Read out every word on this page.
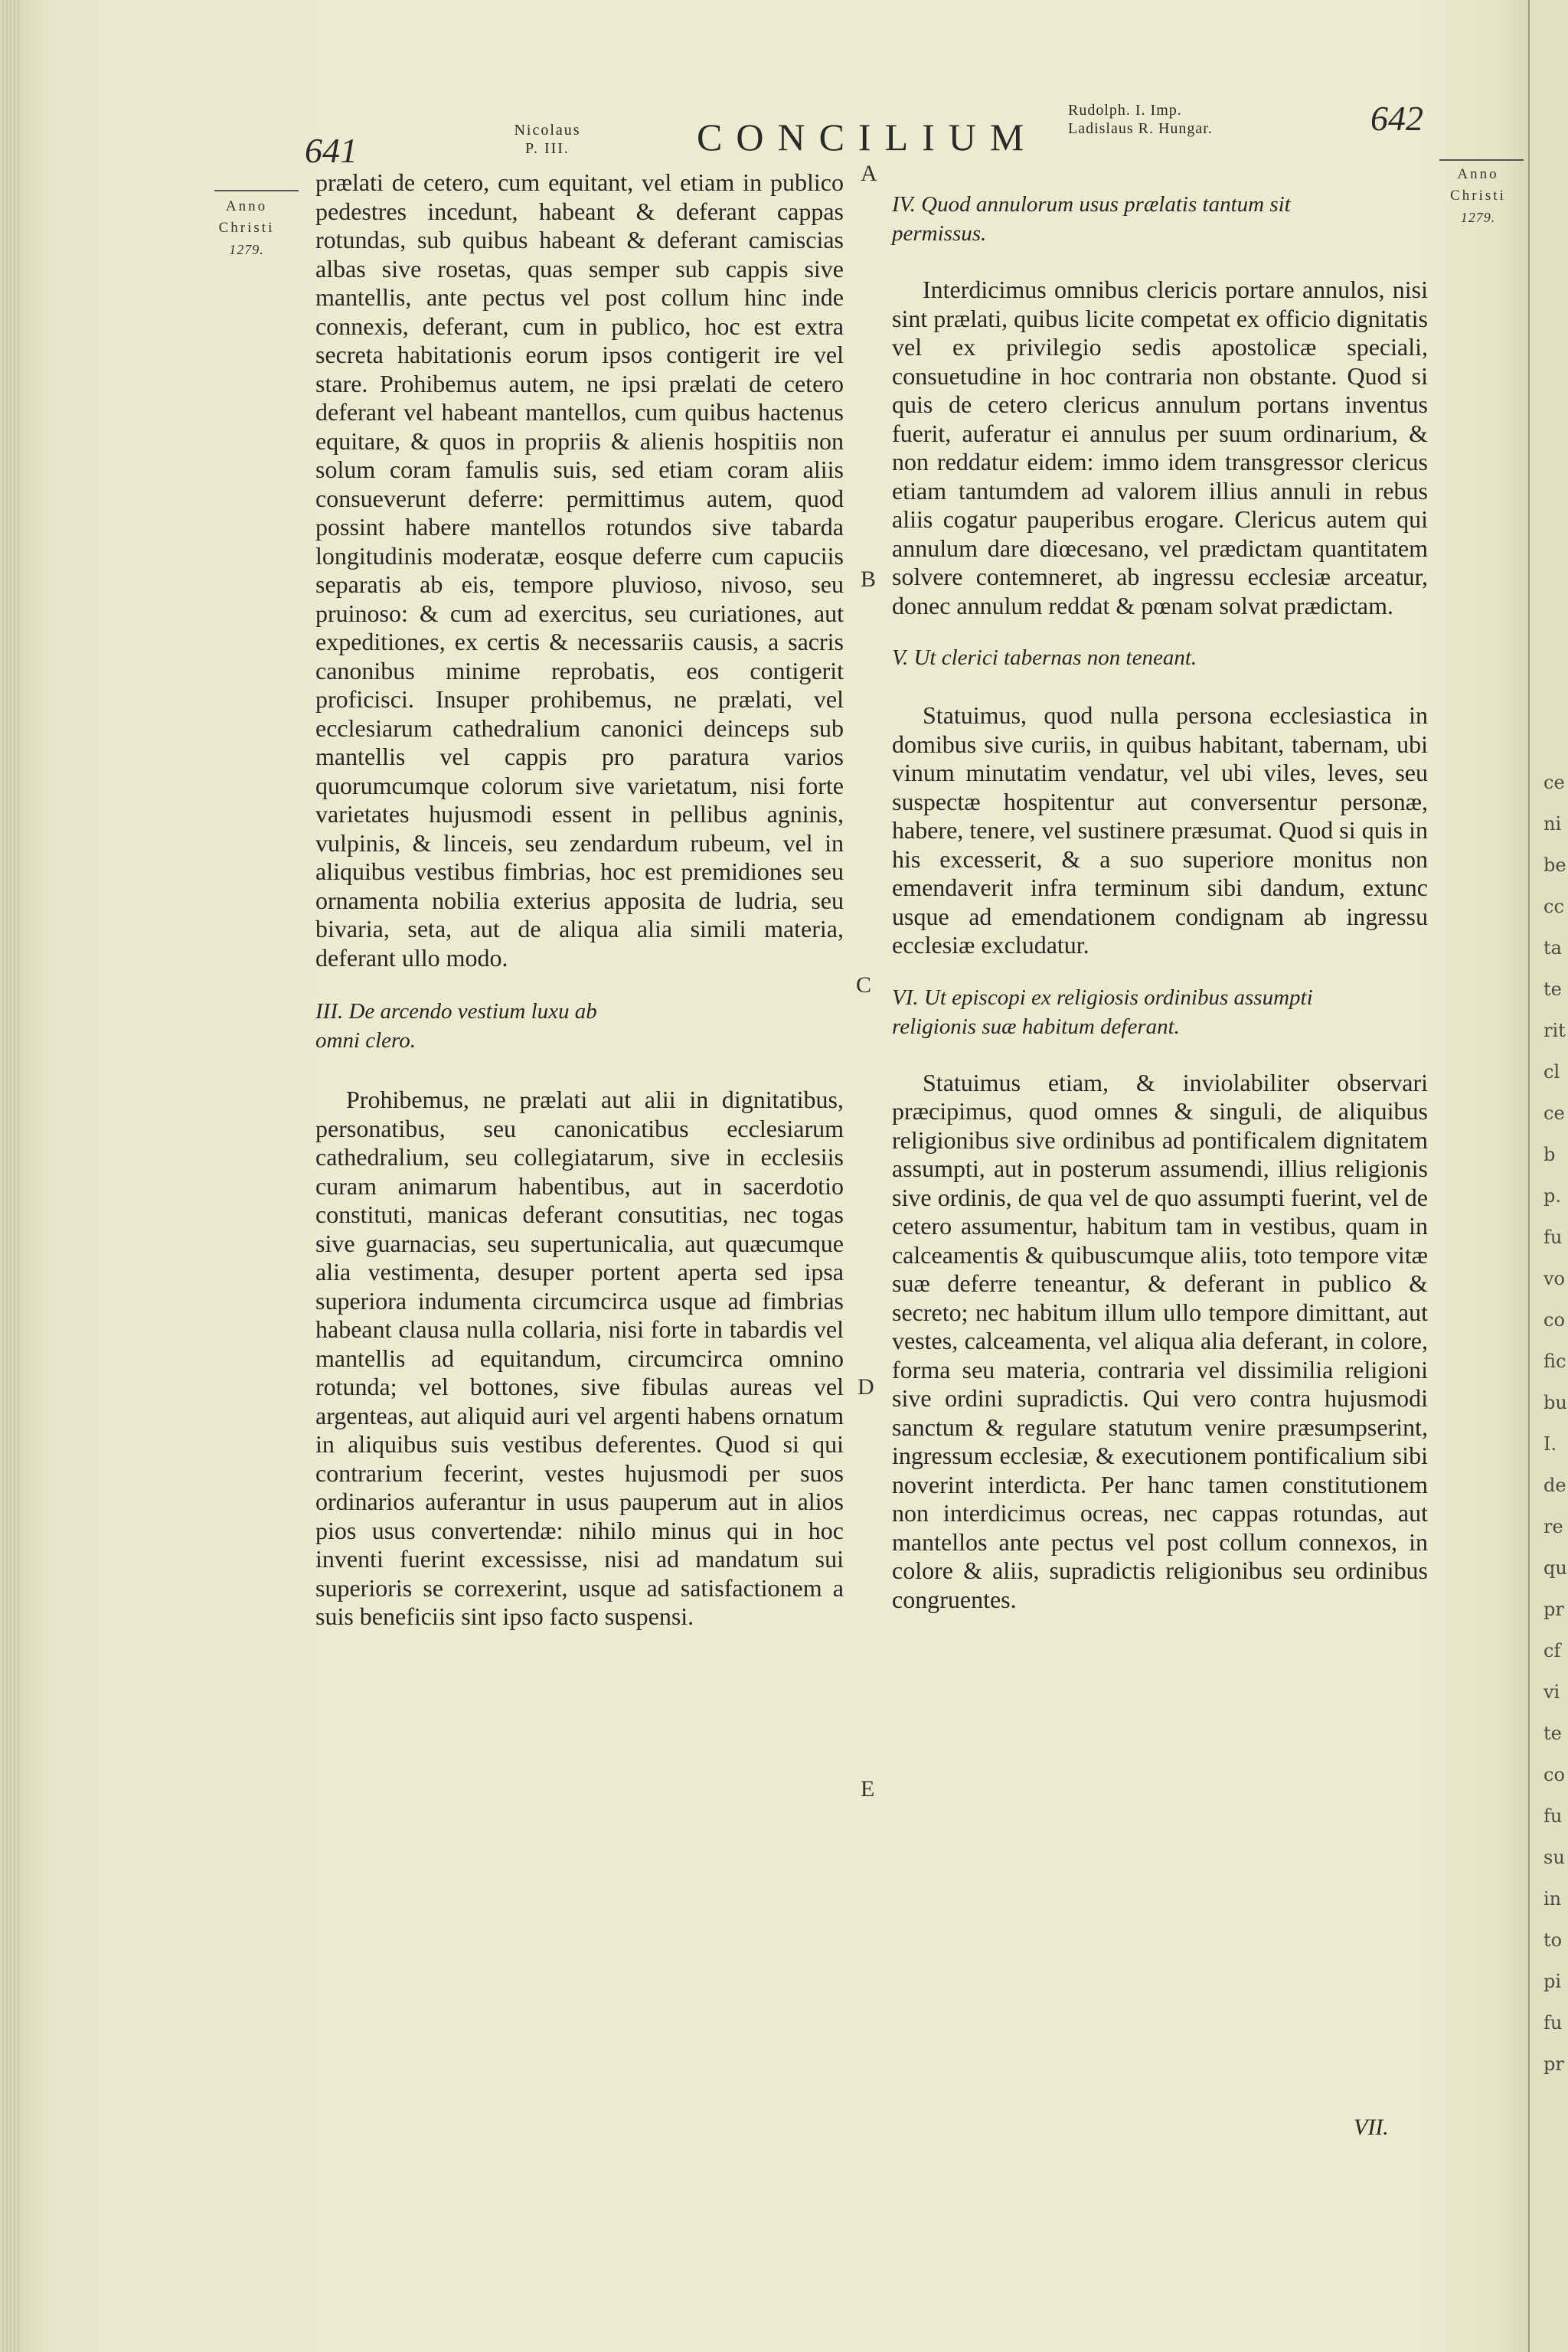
641
Nicolaus
P. III.	CONCILIUM
Rudolph. I. Imp.
Ladislaus R. Hungar.	642
Anno
Christi
1279.
Anno
Christi
1279.
A
B
C
D
E

prælati de cetero, cum equitant, vel etiam in publico pedestres incedunt, habeant & deferant cappas rotundas, sub quibus habeant & deferant camiscias albas sive rosetas, quas semper sub cappis sive mantellis, ante pectus vel post collum hinc inde connexis, deferant, cum in publico, hoc est extra secreta habitationis eorum ipsos contigerit ire vel stare. Prohibemus autem, ne ipsi prælati de cetero deferant vel habeant mantellos, cum quibus hactenus equitare, & quos in propriis & alienis hospitiis non solum coram famulis suis, sed etiam coram aliis consueverunt deferre: permittimus autem, quod possint habere mantellos rotundos sive tabarda longitudinis moderatæ, eosque deferre cum capuciis separatis ab eis, tempore pluvioso, nivoso, seu pruinoso: & cum ad exercitus, seu curiationes, aut expeditiones, ex certis & necessariis causis, a sacris canonibus minime reprobatis, eos contigerit proficisci. Insuper prohibemus, ne prælati, vel ecclesiarum cathedralium canonici deinceps sub mantellis vel cappis pro paratura varios quorumcumque colorum sive varietatum, nisi forte varietates hujusmodi essent in pellibus agninis, vulpinis, & linceis, seu zendardum rubeum, vel in aliquibus vestibus fimbrias, hoc est premidiones seu ornamenta nobilia exterius apposita de ludria, seu bivaria, seta, aut de aliqua alia simili materia, deferant ullo modo.

III. De arcendo vestium luxu ab

omni clero.

Prohibemus, ne prælati aut alii in dignitatibus, personatibus, seu canonicatibus ecclesiarum cathedralium, seu collegiatarum, sive in ecclesiis curam animarum habentibus, aut in sacerdotio constituti, manicas deferant consutitias, nec togas sive guarnacias, seu supertunicalia, aut quæcumque alia vestimenta, desuper portent aperta sed ipsa superiora indumenta circumcirca usque ad fimbrias habeant clausa nulla collaria, nisi forte in tabardis vel mantellis ad equitandum, circumcirca omnino rotunda; vel bottones, sive fibulas aureas vel argenteas, aut aliquid auri vel argenti habens ornatum in aliquibus suis vestibus deferentes. Quod si qui contrarium fecerint, vestes hujusmodi per suos ordinarios auferantur in usus pauperum aut in alios pios usus convertendæ: nihilo minus qui in hoc inventi fuerint excessisse, nisi ad mandatum sui superioris se correxerint, usque ad satisfactionem a suis beneficiis sint ipso facto suspensi.

IV. Quod annulorum usus prælatis tantum sit

permissus.

Interdicimus omnibus clericis portare annulos, nisi sint prælati, quibus licite competat ex officio dignitatis vel ex privilegio sedis apostolicæ speciali, consuetudine in hoc contraria non obstante. Quod si quis de cetero clericus annulum portans inventus fuerit, auferatur ei annulus per suum ordinarium, & non reddatur eidem: immo idem transgressor clericus etiam tantumdem ad valorem illius annuli in rebus aliis cogatur pauperibus erogare. Clericus autem qui annulum dare diœcesano, vel prædictam quantitatem solvere contemneret, ab ingressu ecclesiæ arceatur, donec annulum reddat & pœnam solvat prædictam.

V. Ut clerici tabernas non teneant.

Statuimus, quod nulla persona ecclesiastica in domibus sive curiis, in quibus habitant, tabernam, ubi vinum minutatim vendatur, vel ubi viles, leves, seu suspectæ hospitentur aut conversentur personæ, habere, tenere, vel sustinere præsumat. Quod si quis in his excesserit, & a suo superiore monitus non emendaverit infra terminum sibi dandum, extunc usque ad emendationem condignam ab ingressu ecclesiæ excludatur.

VI. Ut episcopi ex religiosis ordinibus assumpti

religionis suæ habitum deferant.

Statuimus etiam, & inviolabiliter observari præcipimus, quod omnes & singuli, de aliquibus religionibus sive ordinibus ad pontificalem dignitatem assumpti, aut in posterum assumendi, illius religionis sive ordinis, de qua vel de quo assumpti fuerint, vel de cetero assumentur, habitum tam in vestibus, quam in calceamentis & quibuscumque aliis, toto tempore vitæ suæ deferre teneantur, & deferant in publico & secreto; nec habitum illum ullo tempore dimittant, aut vestes, calceamenta, vel aliqua alia deferant, in colore, forma seu materia, contraria vel dissimilia religioni sive ordini supradictis. Qui vero contra hujusmodi sanctum & regulare statutum venire præsumpserint, ingressum ecclesiæ, & executionem pontificalium sibi noverint interdicta. Per hanc tamen constitutionem non interdicimus ocreas, nec cappas rotundas, aut mantellos ante pectus vel post collum connexos, in colore & aliis, supradictis religionibus seu ordinibus congruentes.

VII.
ce
ni
be
cc
ta
te
rit
cl
ce
b
p.
fu
vo
co
fic
bu
I.
de
re
qu
pr
cf
vi
te
co
fu
su
in
to
pi
fu
pr
